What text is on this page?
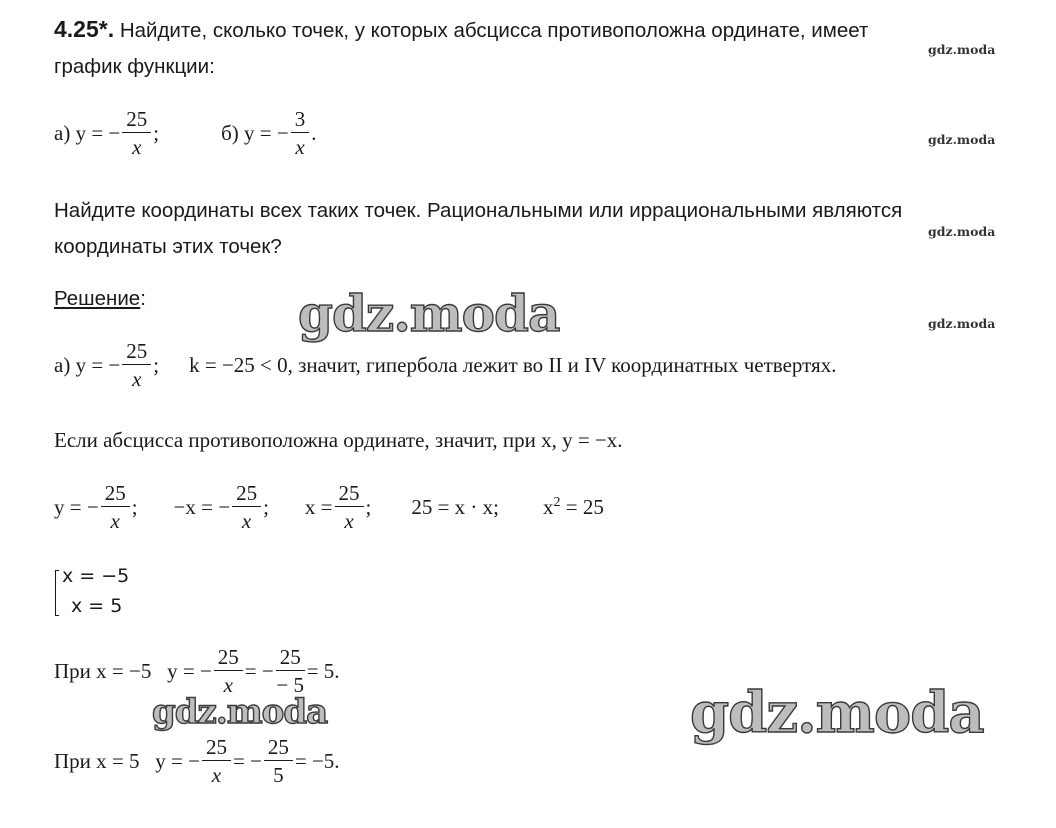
4.25*. Найдите, сколько точек, у которых абсцисса противоположна ординате, имеет
график функции:
а) y = − $\frac{25}{x}$ ;	б) y = − $\frac{3}{x}$ .
Найдите координаты всех таких точек. Рациональными или иррациональными являются
координаты этих точек?
Решение:
а) y = − $\frac{25}{x}$ ; k = −25 < 0, значит, гипербола лежит во II и IV координатных четвертях.
Если абсцисса противоположна ординате, значит, при x, y = −x.
y = − $\frac{25}{x}$ ; −x = − $\frac{25}{x}$ ; $x = \frac{25}{x}$ ; 25 = x · x; $x^2 = 25$
x = −5
x = 5
При x = −5   y = − $\frac{25}{x}$ = − $\frac{25}{- 5} = 5$.
При x = 5   y = − $\frac{25}{x}$ = − $\frac{25}{5} = -5$.
gdz.moda
gdz.moda
gdz.moda
gdz.moda
gdz.moda
gdz.moda	gdz.moda
